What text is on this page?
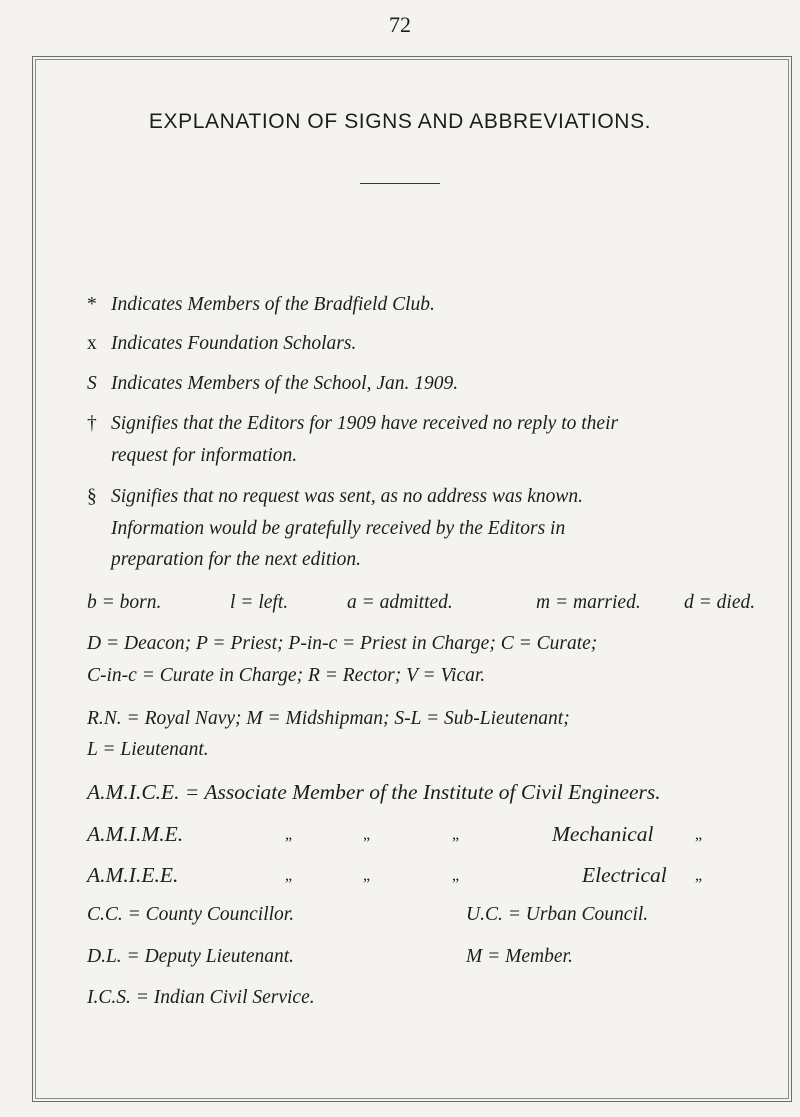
72
EXPLANATION OF SIGNS AND ABBREVIATIONS.
* Indicates Members of the Bradfield Club.
x Indicates Foundation Scholars.
S Indicates Members of the School, Jan. 1909.
† Signifies that the Editors for 1909 have received no reply to their
request for information.
§ Signifies that no request was sent, as no address was known.
Information would be gratefully received by the Editors in
preparation for the next edition.
b = born.	l = left.	a = admitted.	m = married. d = died.
D = Deacon; P = Priest; P-in-c = Priest in Charge; C = Curate;
C-in-c = Curate in Charge; R = Rector; V = Vicar.
R.N. = Royal Navy; M = Midshipman; S-L = Sub-Lieutenant;
L = Lieutenant.
A.M.I.C.E. = Associate Member of the Institute of Civil Engineers.
A.M.I.M.E.	„	„	„	Mechanical	„
A.M.I.E.E.	„	„	„	Electrical „
C.C. = County Councillor.	U.C. = Urban Council.
D.L. = Deputy Lieutenant.	M = Member.
I.C.S. = Indian Civil Service.
